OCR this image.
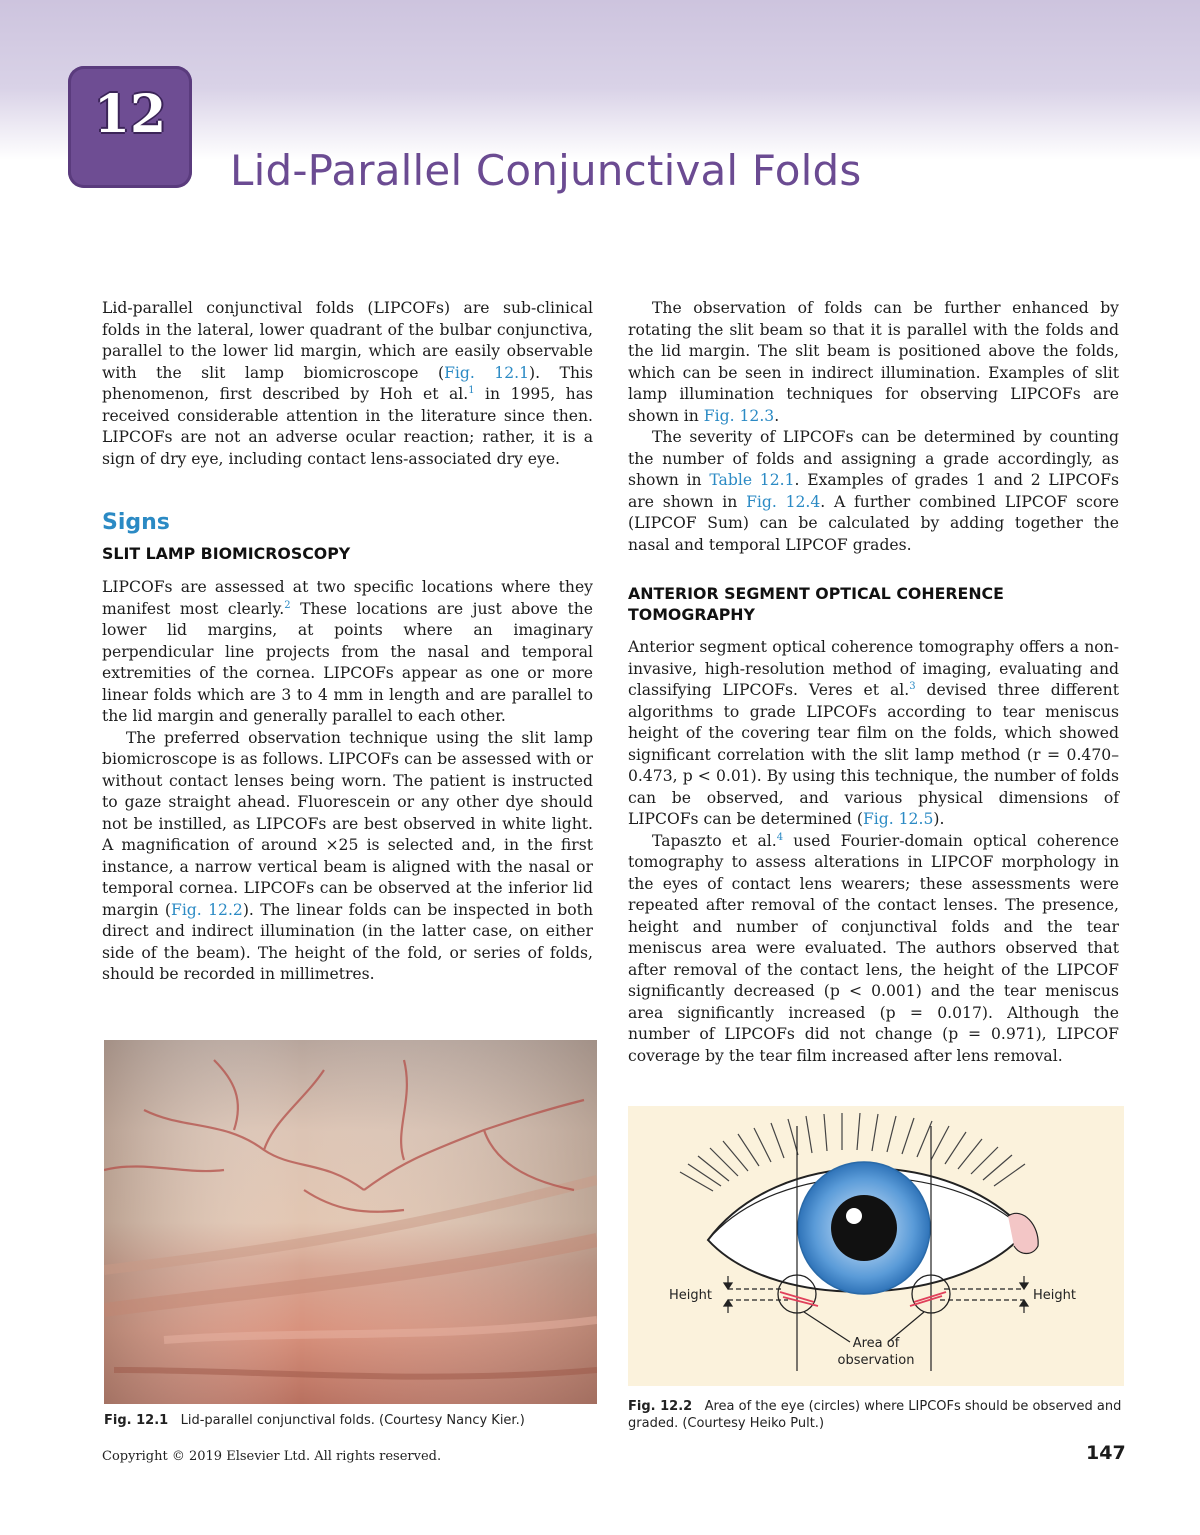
12
Lid-Parallel Conjunctival Folds

Lid-parallel conjunctival folds (LIPCOFs) are sub-clinical folds in the lateral, lower quadrant of the bulbar conjunctiva, parallel to the lower lid margin, which are easily observable with the slit lamp biomicroscope (Fig. 12.1). This phenomenon, first described by Hoh et al.$^1$ in 1995, has received considerable attention in the literature since then. LIPCOFs are not an adverse ocular reaction; rather, it is a sign of dry eye, including contact lens-associated dry eye.

Signs
SLIT LAMP BIOMICROSCOPY

LIPCOFs are assessed at two specific locations where they manifest most clearly.$^2$ These locations are just above the lower lid margins, at points where an imaginary perpendicular line projects from the nasal and temporal extremities of the cornea. LIPCOFs appear as one or more linear folds which are 3 to 4 mm in length and are parallel to the lid margin and generally parallel to each other.

The preferred observation technique using the slit lamp biomicroscope is as follows. LIPCOFs can be assessed with or without contact lenses being worn. The patient is instructed to gaze straight ahead. Fluorescein or any other dye should not be instilled, as LIPCOFs are best observed in white light. A magnification of around ×25 is selected and, in the first instance, a narrow vertical beam is aligned with the nasal or temporal cornea. LIPCOFs can be observed at the inferior lid margin (Fig. 12.2). The linear folds can be inspected in both direct and indirect illumination (in the latter case, on either side of the beam). The height of the fold, or series of folds, should be recorded in millimetres.

The observation of folds can be further enhanced by rotating the slit beam so that it is parallel with the folds and the lid margin. The slit beam is positioned above the folds, which can be seen in indirect illumination. Examples of slit lamp illumination techniques for observing LIPCOFs are shown in Fig. 12.3.

The severity of LIPCOFs can be determined by counting the number of folds and assigning a grade accordingly, as shown in Table 12.1. Examples of grades 1 and 2 LIPCOFs are shown in Fig. 12.4. A further combined LIPCOF score (LIPCOF Sum) can be calculated by adding together the nasal and temporal LIPCOF grades.

ANTERIOR SEGMENT OPTICAL COHERENCE TOMOGRAPHY

Anterior segment optical coherence tomography offers a non-invasive, high-resolution method of imaging, evaluating and classifying LIPCOFs. Veres et al.$^3$ devised three different algorithms to grade LIPCOFs according to tear meniscus height of the covering tear film on the folds, which showed significant correlation with the slit lamp method (r = 0.470–0.473, p < 0.01). By using this technique, the number of folds can be observed, and various physical dimensions of LIPCOFs can be determined (Fig. 12.5).

Tapaszto et al.$^4$ used Fourier-domain optical coherence tomography to assess alterations in LIPCOF morphology in the eyes of contact lens wearers; these assessments were repeated after removal of the contact lenses. The presence, height and number of conjunctival folds and the tear meniscus area were evaluated. The authors observed that after removal of the contact lens, the height of the LIPCOF significantly decreased (p < 0.001) and the tear meniscus area significantly increased (p = 0.017). Although the number of LIPCOFs did not change (p = 0.971), LIPCOF coverage by the tear film increased after lens removal.

Fig. 12.1 Lid-parallel conjunctival folds. (Courtesy Nancy Kier.)
Height	Height
Area of
observation
Fig. 12.2 Area of the eye (circles) where LIPCOFs should be observed and graded. (Courtesy Heiko Pult.)
Copyright © 2019 Elsevier Ltd. All rights reserved.	147
